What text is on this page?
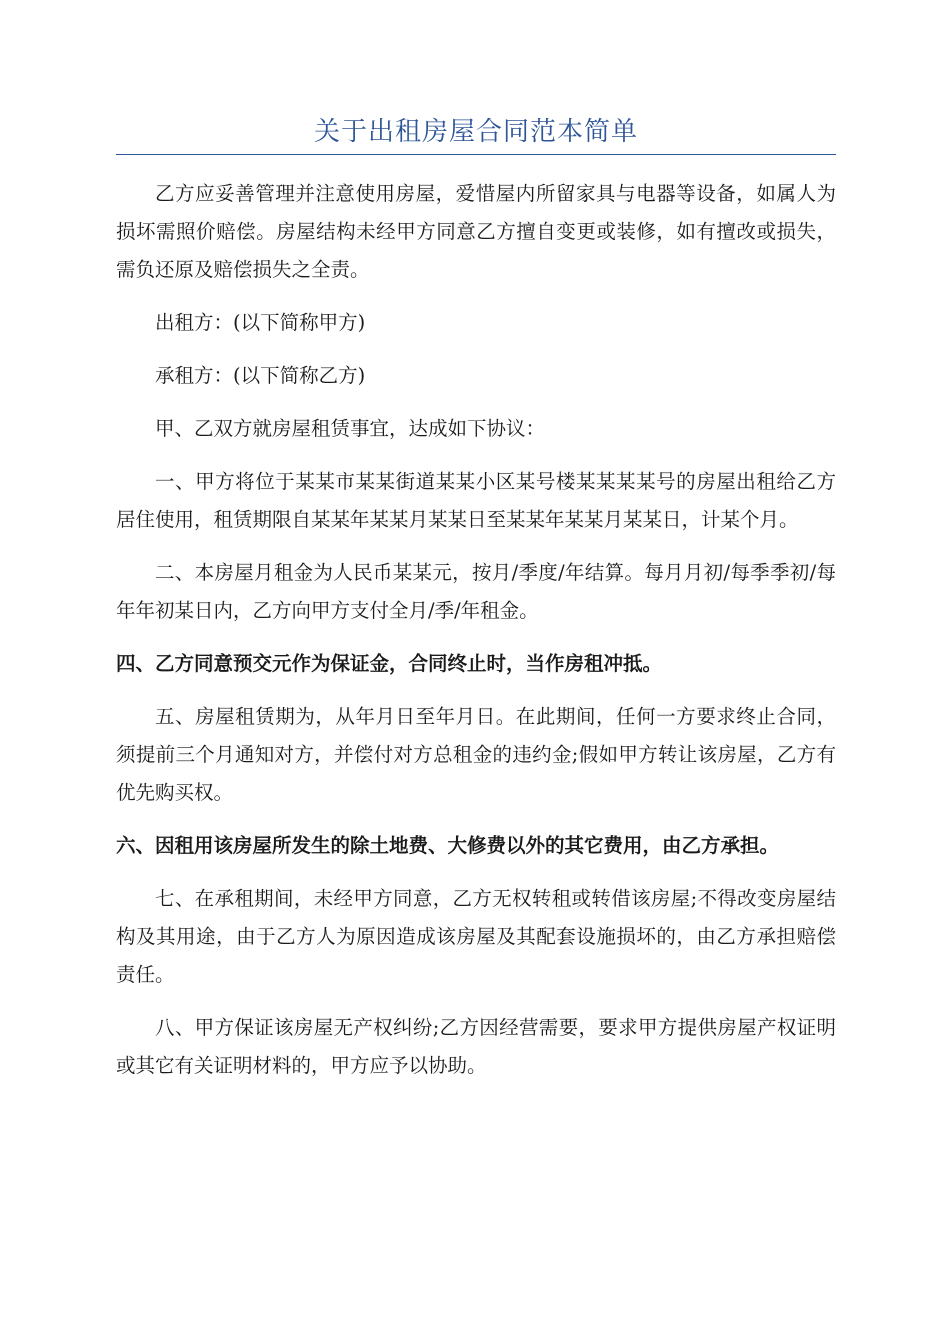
关于出租房屋合同范本简单

乙方应妥善管理并注意使用房屋，爱惜屋内所留家具与电器等设备，如属人为损坏需照价赔偿。房屋结构未经甲方同意乙方擅自变更或装修，如有擅改或损失，需负还原及赔偿损失之全责。

出租方：(以下简称甲方)

承租方：(以下简称乙方)

甲、乙双方就房屋租赁事宜，达成如下协议：

一、甲方将位于某某市某某街道某某小区某号楼某某某某号的房屋出租给乙方居住使用，租赁期限自某某年某某月某某日至某某年某某月某某日，计某个月。

二、本房屋月租金为人民币某某元，按月/季度/年结算。每月月初/每季季初/每年年初某日内，乙方向甲方支付全月/季/年租金。

四、乙方同意预交元作为保证金，合同终止时，当作房租冲抵。

五、房屋租赁期为，从年月日至年月日。在此期间，任何一方要求终止合同，须提前三个月通知对方，并偿付对方总租金的违约金;假如甲方转让该房屋，乙方有优先购买权。

六、因租用该房屋所发生的除土地费、大修费以外的其它费用，由乙方承担。

七、在承租期间，未经甲方同意，乙方无权转租或转借该房屋;不得改变房屋结构及其用途，由于乙方人为原因造成该房屋及其配套设施损坏的，由乙方承担赔偿责任。

八、甲方保证该房屋无产权纠纷;乙方因经营需要，要求甲方提供房屋产权证明或其它有关证明材料的，甲方应予以协助。
